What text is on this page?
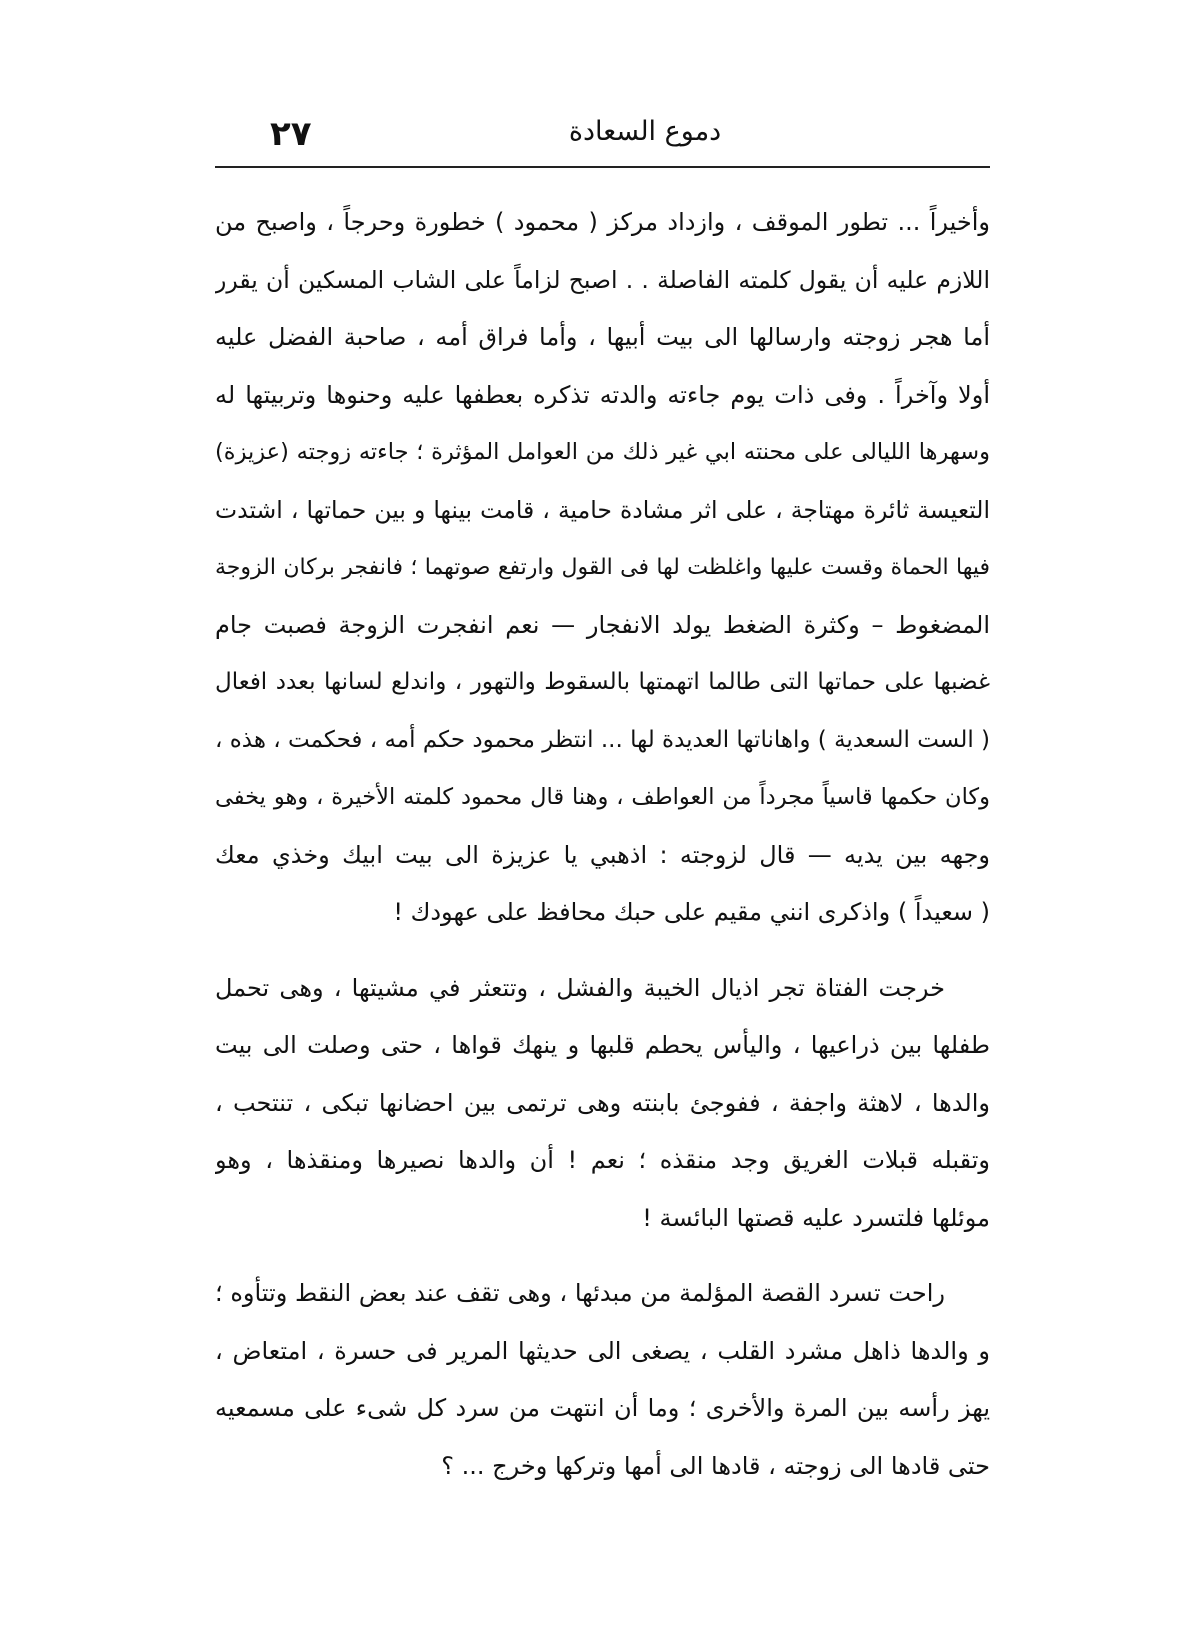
٢٧	دموع السعادة
وأخيراً ... تطور الموقف ، وازداد مركز ( محمود ) خطورة وحرجاً ، واصبح من
اللازم عليه أن يقول كلمته الفاصلة . . اصبح لزاماً على الشاب المسكين أن يقرر
أما هجر زوجته وارسالها الى بيت أبيها ، وأما فراق أمه ، صاحبة الفضل عليه
أولا وآخراً . وفى ذات يوم جاءته والدته تذكره بعطفها عليه وحنوها وتربيتها له
وسهرها الليالى على محنته ابي غير ذلك من العوامل المؤثرة ؛ جاءته زوجته (عزيزة)
التعيسة ثائرة مهتاجة ، على اثر مشادة حامية ، قامت بينها و بين حماتها ، اشتدت
فيها الحماة وقست عليها واغلظت لها فى القول وارتفع صوتهما ؛ فانفجر بركان الزوجة
المضغوط – وكثرة الضغط يولد الانفجار — نعم انفجرت الزوجة فصبت جام
غضبها على حماتها التى طالما اتهمتها بالسقوط والتهور ، واندلع لسانها بعدد افعال
( الست السعدية ) واهاناتها العديدة لها ... انتظر محمود حكم أمه ، فحكمت ، هذه ،
وكان حكمها قاسياً مجرداً من العواطف ، وهنا قال محمود كلمته الأخيرة ، وهو يخفى
وجهه بين يديه — قال لزوجته : اذهبي يا عزيزة الى بيت ابيك وخذي معك
( سعيداً ) واذكرى انني مقيم على حبك محافظ على عهودك !
خرجت الفتاة تجر اذيال الخيبة والفشل ، وتتعثر في مشيتها ، وهى تحمل
طفلها بين ذراعيها ، واليأس يحطم قلبها و ينهك قواها ، حتى وصلت الى بيت
والدها ، لاهثة واجفة ، ففوجئ بابنته وهى ترتمى بين احضانها تبكى ، تنتحب ،
وتقبله قبلات الغريق وجد منقذه ؛ نعم ! أن والدها نصيرها ومنقذها ، وهو
موئلها فلتسرد عليه قصتها البائسة !
راحت تسرد القصة المؤلمة من مبدئها ، وهى تقف عند بعض النقط وتتأوه ؛
و والدها ذاهل مشرد القلب ، يصغى الى حديثها المرير فى حسرة ، امتعاض ،
يهز رأسه بين المرة والأخرى ؛ وما أن انتهت من سرد كل شىء على مسمعيه
حتى قادها الى زوجته ، قادها الى أمها وتركها وخرج ... ؟
